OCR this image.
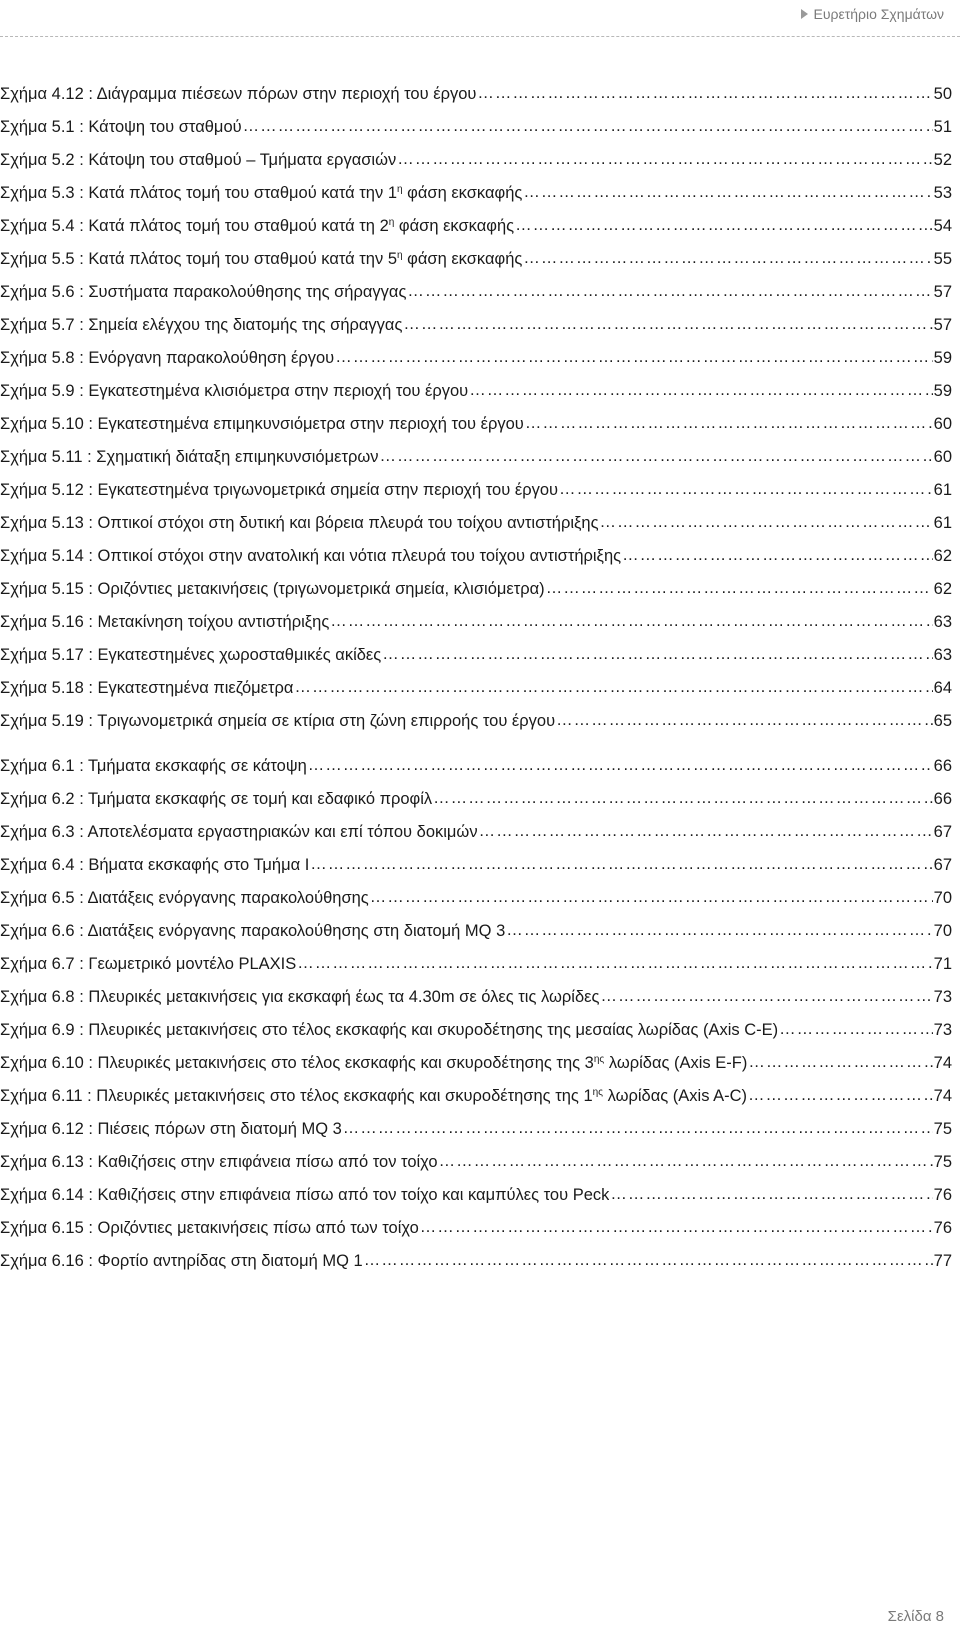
Ευρετήριο Σχημάτων
Σχήμα 4.12 : Διάγραμμα πιέσεων πόρων στην περιοχή του έργου …………………………………………………………………………………………………………………………………………………………………………………………………………………………………………	50
Σχήμα 5.1 : Κάτοψη του σταθμού …………………………………………………………………………………………………………………………………………………………………………………………………………………………………………	51
Σχήμα 5.2 : Κάτοψη του σταθμού – Τμήματα εργασιών …………………………………………………………………………………………………………………………………………………………………………………………………………………………………………	52
Σχήμα 5.3 : Κατά πλάτος τομή του σταθμού κατά την $1^\eta$ φάση εκσκαφής …………………………………………………………………………………………………………………………………………………………………………………………………………………………………………	53
Σχήμα 5.4 : Κατά πλάτος τομή του σταθμού κατά τη $2^\eta$ φάση εκσκαφής …………………………………………………………………………………………………………………………………………………………………………………………………………………………………………	54
Σχήμα 5.5 : Κατά πλάτος τομή του σταθμού κατά την $5^\eta$ φάση εκσκαφής …………………………………………………………………………………………………………………………………………………………………………………………………………………………………………	55
Σχήμα 5.6 : Συστήματα παρακολούθησης της σήραγγας …………………………………………………………………………………………………………………………………………………………………………………………………………………………………………	57
Σχήμα 5.7 : Σημεία ελέγχου της διατομής της σήραγγας …………………………………………………………………………………………………………………………………………………………………………………………………………………………………………	57
Σχήμα 5.8 : Ενόργανη παρακολούθηση έργου …………………………………………………………………………………………………………………………………………………………………………………………………………………………………………	59
Σχήμα 5.9 : Εγκατεστημένα κλισιόμετρα στην περιοχή του έργου …………………………………………………………………………………………………………………………………………………………………………………………………………………………………………	59
Σχήμα 5.10 : Εγκατεστημένα επιμηκυνσιόμετρα στην περιοχή του έργου …………………………………………………………………………………………………………………………………………………………………………………………………………………………………………	60
Σχήμα 5.11 : Σχηματική διάταξη επιμηκυνσιόμετρων …………………………………………………………………………………………………………………………………………………………………………………………………………………………………………	60
Σχήμα 5.12 : Εγκατεστημένα τριγωνομετρικά σημεία στην περιοχή του έργου …………………………………………………………………………………………………………………………………………………………………………………………………………………………………………	61
Σχήμα 5.13 : Οπτικοί στόχοι στη δυτική και βόρεια πλευρά του τοίχου αντιστήριξης …………………………………………………………………………………………………………………………………………………………………………………………………………………………………………	61
Σχήμα 5.14 : Οπτικοί στόχοι στην ανατολική και νότια πλευρά του τοίχου αντιστήριξης …………………………………………………………………………………………………………………………………………………………………………………………………………………………………………	62
Σχήμα 5.15 : Οριζόντιες μετακινήσεις (τριγωνομετρικά σημεία, κλισιόμετρα) …………………………………………………………………………………………………………………………………………………………………………………………………………………………………………	62
Σχήμα 5.16 : Μετακίνηση τοίχου αντιστήριξης …………………………………………………………………………………………………………………………………………………………………………………………………………………………………………	63
Σχήμα 5.17 : Εγκατεστημένες χωροσταθμικές ακίδες …………………………………………………………………………………………………………………………………………………………………………………………………………………………………………	63
Σχήμα 5.18 : Εγκατεστημένα πιεζόμετρα …………………………………………………………………………………………………………………………………………………………………………………………………………………………………………	64
Σχήμα 5.19 : Τριγωνομετρικά σημεία σε κτίρια στη ζώνη επιρροής του έργου …………………………………………………………………………………………………………………………………………………………………………………………………………………………………………	65
Σχήμα 6.1 : Τμήματα εκσκαφής σε κάτοψη …………………………………………………………………………………………………………………………………………………………………………………………………………………………………………	66
Σχήμα 6.2 : Τμήματα εκσκαφής σε τομή και εδαφικό προφίλ …………………………………………………………………………………………………………………………………………………………………………………………………………………………………………	66
Σχήμα 6.3 : Αποτελέσματα εργαστηριακών και επί τόπου δοκιμών …………………………………………………………………………………………………………………………………………………………………………………………………………………………………………	67
Σχήμα 6.4 : Βήματα εκσκαφής στο Τμήμα Ι …………………………………………………………………………………………………………………………………………………………………………………………………………………………………………	67
Σχήμα 6.5 : Διατάξεις ενόργανης παρακολούθησης …………………………………………………………………………………………………………………………………………………………………………………………………………………………………………	70
Σχήμα 6.6 : Διατάξεις ενόργανης παρακολούθησης στη διατομή MQ 3 …………………………………………………………………………………………………………………………………………………………………………………………………………………………………………	70
Σχήμα 6.7 : Γεωμετρικό μοντέλο PLAXIS …………………………………………………………………………………………………………………………………………………………………………………………………………………………………………	71
Σχήμα 6.8 : Πλευρικές μετακινήσεις για εκσκαφή έως τα 4.30m σε όλες τις λωρίδες …………………………………………………………………………………………………………………………………………………………………………………………………………………………………………	73
Σχήμα 6.9 : Πλευρικές μετακινήσεις στο τέλος εκσκαφής και σκυροδέτησης της μεσαίας λωρίδας (Axis C-E) …………………………………………………………………………………………………………………………………………………………………………………………………………………………………………	73
Σχήμα 6.10 : Πλευρικές μετακινήσεις στο τέλος εκσκαφής και σκυροδέτησης της $3^{\eta\varsigma}$ λωρίδας (Axis E-F) …………………………………………………………………………………………………………………………………………………………………………………………………………………………………………	74
Σχήμα 6.11 : Πλευρικές μετακινήσεις στο τέλος εκσκαφής και σκυροδέτησης της $1^{\eta\varsigma}$ λωρίδας (Axis A-C) …………………………………………………………………………………………………………………………………………………………………………………………………………………………………………	74
Σχήμα 6.12 : Πιέσεις πόρων στη διατομή MQ 3 …………………………………………………………………………………………………………………………………………………………………………………………………………………………………………	75
Σχήμα 6.13 : Καθιζήσεις στην επιφάνεια πίσω από τον τοίχο …………………………………………………………………………………………………………………………………………………………………………………………………………………………………………	75
Σχήμα 6.14 : Καθιζήσεις στην επιφάνεια πίσω από τον τοίχο και καμπύλες του Peck …………………………………………………………………………………………………………………………………………………………………………………………………………………………………………	76
Σχήμα 6.15 : Οριζόντιες μετακινήσεις πίσω από των τοίχο …………………………………………………………………………………………………………………………………………………………………………………………………………………………………………	76
Σχήμα 6.16 : Φορτίο αντηρίδας στη διατομή MQ 1 …………………………………………………………………………………………………………………………………………………………………………………………………………………………………………	77
Σελίδα 8
